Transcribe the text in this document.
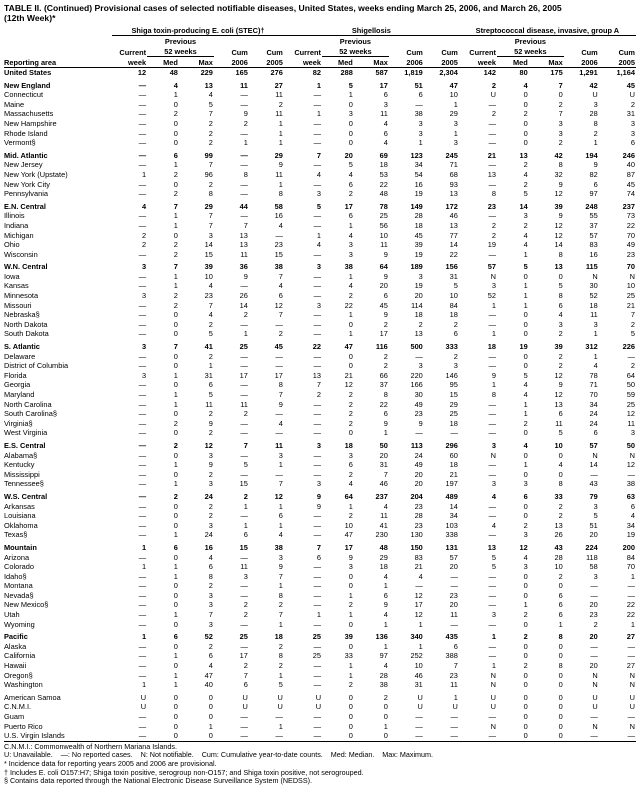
TABLE II. (Continued) Provisional cases of selected notifiable diseases, United States, weeks ending March 25, 2006, and March 26, 2005
(12th Week)*
	Shiga toxin-producing E. coli (STEC)†					Shigellosis					Streptococcal disease, invasive, group A				
		Previous					Previous					Previous			
	Current	52 weeks		Cum	Cum	Current	52 weeks		Cum	Cum	Current	52 weeks		Cum	Cum
Reporting area	week	Med	Max	2006	2005	week	Med	Max	2006	2005	week	Med	Max	2006	2005
United States	12	48	229	165	276	82	288	587	1,819	2,304	142	80	175	1,291	1,164

New England	—	4	13	11	27	1	5	17	51	47	2	4	7	42	45
Connecticut	—	1	4	—	11	—	1	6	6	10	U	0	0	U	U
Maine	—	0	5	—	2	—	0	3	—	1	—	0	2	3	2
Massachusetts	—	2	7	9	11	1	3	11	38	29	2	2	7	28	31
New Hampshire	—	0	2	2	1	—	0	4	3	3	—	0	3	8	3
Rhode Island	—	0	2	—	1	—	0	6	3	1	—	0	3	2	3
Vermont§	—	0	2	1	1	—	0	4	1	3	—	0	2	1	6

Mid. Atlantic	—	6	99	—	29	7	20	69	123	245	21	13	42	194	246
New Jersey	—	1	7	—	9	—	5	18	34	71	—	2	8	9	40
New York (Upstate)	1	2	96	8	11	4	4	53	54	68	13	4	32	82	87
New York City	—	0	2	—	1	—	6	22	16	93	—	2	9	6	45
Pennsylvania	—	2	8	—	8	3	2	48	19	13	8	5	12	97	74

E.N. Central	4	7	29	44	58	5	17	78	149	172	23	14	39	248	237
Illinois	—	1	7	—	16	—	6	25	28	46	—	3	9	55	73
Indiana	—	1	7	7	4	—	1	56	18	13	2	2	12	37	22
Michigan	2	0	3	13	—	1	4	10	45	77	2	4	12	57	70
Ohio	2	2	14	13	23	4	3	11	39	14	19	4	14	83	49
Wisconsin	—	2	15	11	15	—	3	9	19	22	—	1	8	16	23

W.N. Central	3	7	39	36	38	3	38	64	189	156	57	5	13	115	70
Iowa	—	1	10	9	7	—	1	9	3	31	N	0	0	N	N
Kansas	—	1	4	—	4	—	4	20	19	5	3	1	5	30	10
Minnesota	3	2	23	26	6	—	2	6	20	10	52	1	8	52	25
Missouri	—	2	7	14	12	3	22	45	114	84	1	1	6	18	21
Nebraska§	—	0	4	2	7	—	1	9	18	18	—	0	4	11	7
North Dakota	—	0	2	—	—	—	0	2	2	2	—	0	3	3	2
South Dakota	—	0	5	1	2	—	1	17	13	6	1	0	2	1	5

S. Atlantic	3	7	41	25	45	22	47	116	500	333	18	19	39	312	226
Delaware	—	0	2	—	—	—	0	2	—	2	—	0	2	1	—
District of Columbia	—	0	1	—	—	—	0	2	3	3	—	0	2	4	2
Florida	3	1	31	17	17	13	21	66	220	146	9	5	12	78	64
Georgia	—	0	6	—	8	7	12	37	166	95	1	4	9	71	50
Maryland	—	1	5	—	7	2	2	8	30	15	8	4	12	70	59
North Carolina	—	1	11	11	9	—	2	22	49	29	—	1	13	34	25
South Carolina§	—	0	2	2	—	—	2	6	23	25	—	1	6	24	12
Virginia§	—	2	9	—	4	—	2	9	9	18	—	2	11	24	11
West Virginia	—	0	2	—	—	—	0	1	—	—	—	0	5	6	3

E.S. Central	—	2	12	7	11	3	18	50	113	296	3	4	10	57	50
Alabama§	—	0	3	—	3	—	3	20	24	60	N	0	0	N	N
Kentucky	—	1	9	5	1	—	6	31	49	18	—	1	4	14	12
Mississippi	—	0	2	—	—	—	2	7	20	21	—	0	0	—	—
Tennessee§	—	1	3	15	7	3	4	46	20	197	3	3	8	43	38

W.S. Central	—	2	24	2	12	9	64	237	204	489	4	6	33	79	63
Arkansas	—	0	2	1	1	9	1	4	23	14	—	0	2	3	6
Louisiana	—	0	2	—	6	—	2	11	28	34	—	0	2	5	4
Oklahoma	—	0	3	1	1	—	10	41	23	103	4	2	13	51	34
Texas§	—	1	24	6	4	—	47	230	130	338	—	3	26	20	19

Mountain	1	6	16	15	38	7	17	48	150	131	13	12	43	224	200
Arizona	—	0	4	—	3	6	9	29	83	57	5	4	28	118	84
Colorado	1	1	6	11	9	—	3	18	21	20	5	3	10	58	70
Idaho§	—	1	8	3	7	—	0	4	4	—	—	0	2	3	1
Montana	—	0	2	—	1	—	0	1	—	—	—	0	0	—	—
Nevada§	—	0	3	—	8	—	1	6	12	23	—	0	6	—	—
New Mexico§	—	0	3	2	2	—	2	9	17	20	—	1	6	20	22
Utah	—	1	7	2	7	1	1	4	12	11	3	2	6	23	22
Wyoming	—	0	3	—	1	—	0	1	1	—	—	0	1	2	1

Pacific	1	6	52	25	18	25	39	136	340	435	1	2	8	20	27
Alaska	—	0	2	—	2	—	0	1	1	6	—	0	0	—	—
California	—	1	6	17	8	25	33	97	252	388	—	0	0	—	—
Hawaii	—	0	4	2	2	—	1	4	10	7	1	2	8	20	27
Oregon§	—	1	47	7	1	—	1	28	46	23	N	0	0	N	N
Washington	1	1	40	6	5	—	2	38	31	11	N	0	0	N	N

American Samoa	U	0	0	U	U	U	0	2	U	1	U	0	0	U	U
C.N.M.I.	U	0	0	U	U	U	0	0	U	U	U	0	0	U	U
Guam	—	0	0	—	—	—	0	0	—	—	—	0	0	—	—
Puerto Rico	—	0	1	—	1	—	0	1	—	—	N	0	0	N	N
U.S. Virgin Islands	—	0	0	—	—	—	0	0	—	—	—	0	0	—	—
C.N.M.I.: Commonwealth of Northern Mariana Islands.
U: Unavailable.    —: No reported cases.    N: Not notifiable.    Cum: Cumulative year-to-date counts.    Med: Median.    Max: Maximum.
* Incidence data for reporting years 2005 and 2006 are provisional.
† Includes E. coli O157:H7; Shiga toxin positive, serogroup non-O157; and Shiga toxin positive, not serogrouped.
§ Contains data reported through the National Electronic Disease Surveillance System (NEDSS).
